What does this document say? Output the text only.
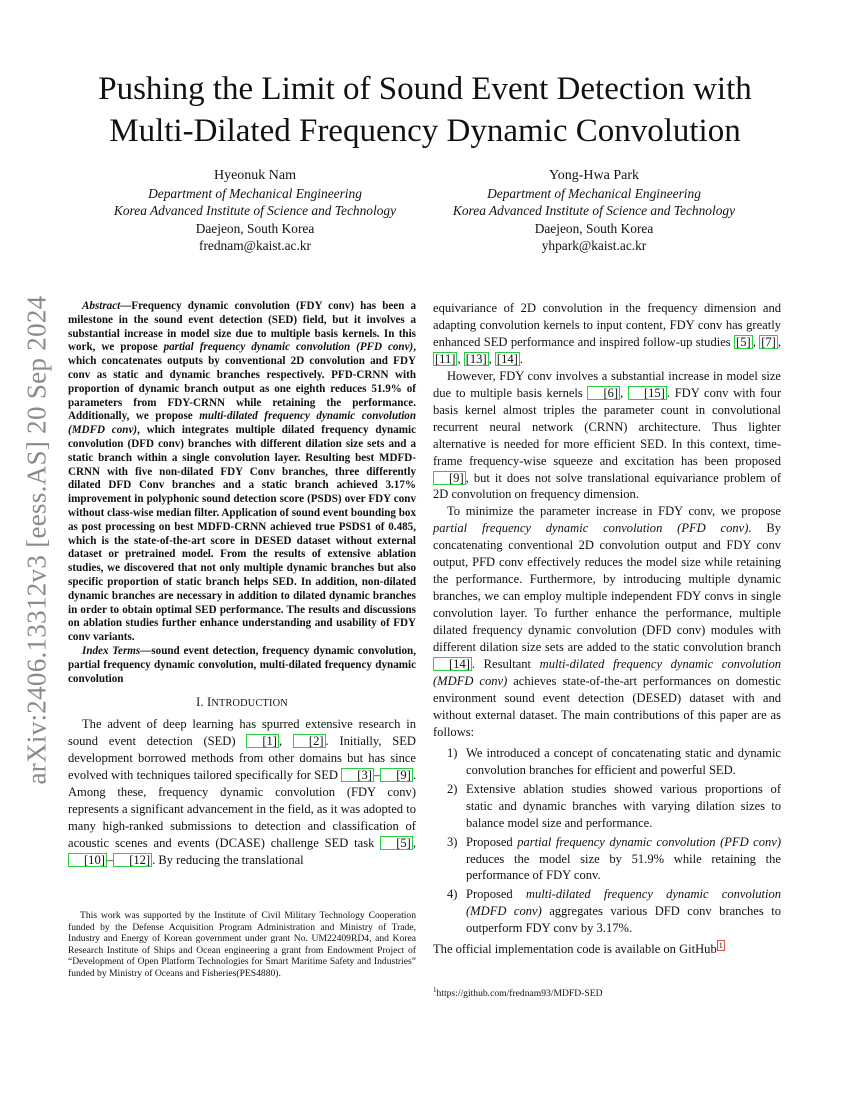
arXiv:2406.13312v3 [eess.AS] 20 Sep 2024
Pushing the Limit of Sound Event Detection with
Multi-Dilated Frequency Dynamic Convolution
Hyeonuk Nam
Department of Mechanical Engineering
Korea Advanced Institute of Science and Technology
Daejeon, South Korea
frednam@kaist.ac.kr
Yong-Hwa Park
Department of Mechanical Engineering
Korea Advanced Institute of Science and Technology
Daejeon, South Korea
yhpark@kaist.ac.kr

Abstract—Frequency dynamic convolution (FDY conv) has been a milestone in the sound event detection (SED) field, but it involves a substantial increase in model size due to multiple basis kernels. In this work, we propose partial frequency dynamic convolution (PFD conv), which concatenates outputs by conventional 2D convolution and FDY conv as static and dynamic branches respectively. PFD-CRNN with proportion of dynamic branch output as one eighth reduces 51.9% of parameters from FDY-CRNN while retaining the performance. Additionally, we propose multi-dilated frequency dynamic convolution (MDFD conv), which integrates multiple dilated frequency dynamic convolution (DFD conv) branches with different dilation size sets and a static branch within a single convolution layer. Resulting best MDFD-CRNN with five non-dilated FDY Conv branches, three differently dilated DFD Conv branches and a static branch achieved 3.17% improvement in polyphonic sound detection score (PSDS) over FDY conv without class-wise median filter. Application of sound event bounding box as post processing on best MDFD-CRNN achieved true PSDS1 of 0.485, which is the state-of-the-art score in DESED dataset without external dataset or pretrained model. From the results of extensive ablation studies, we discovered that not only multiple dynamic branches but also specific proportion of static branch helps SED. In addition, non-dilated dynamic branches are necessary in addition to dilated dynamic branches in order to obtain optimal SED performance. The results and discussions on ablation studies further enhance understanding and usability of FDY conv variants.

Index Terms—sound event detection, frequency dynamic convolution, partial frequency dynamic convolution, multi-dilated frequency dynamic convolution

I. INTRODUCTION

The advent of deep learning has spurred extensive research in sound event detection (SED) [1] , [2] . Initially, SED development borrowed methods from other domains but has since evolved with techniques tailored specifically for SED [3] – [9] . Among these, frequency dynamic convolution (FDY conv) represents a significant advancement in the field, as it was adopted to many high-ranked submissions to detection and classification of acoustic scenes and events (DCASE) challenge SED task [5] , [10] – [12] . By reducing the translational

This work was supported by the Institute of Civil Military Technology Cooperation funded by the Defense Acquisition Program Administration and Ministry of Trade, Industry and Energy of Korean government under grant No. UM22409RD4, and Korea Research Institute of Ships and Ocean engineering a grant from Endowment Project of “Development of Open Platform Technologies for Smart Maritime Safety and Industries” funded by Ministry of Oceans and Fisheries(PES4880).

equivariance of 2D convolution in the frequency dimension and adapting convolution kernels to input content, FDY conv has greatly enhanced SED performance and inspired follow-up studies [5] , [7] , [11] , [13] , [14] .

However, FDY conv involves a substantial increase in model size due to multiple basis kernels [6] , [15] . FDY conv with four basis kernel almost triples the parameter count in convolutional recurrent neural network (CRNN) architecture. Thus lighter alternative is needed for more efficient SED. In this context, time-frame frequency-wise squeeze and excitation has been proposed [9] , but it does not solve translational equivariance problem of 2D convolution on frequency dimension.

To minimize the parameter increase in FDY conv, we propose partial frequency dynamic convolution (PFD conv). By concatenating conventional 2D convolution output and FDY conv output, PFD conv effectively reduces the model size while retaining the performance. Furthermore, by introducing multiple dynamic branches, we can employ multiple independent FDY convs in single convolution layer. To further enhance the performance, multiple dilated frequency dynamic convolution (DFD conv) modules with different dilation size sets are added to the static convolution branch [14] . Resultant multi-dilated frequency dynamic convolution (MDFD conv) achieves state-of-the-art performances on domestic environment sound event detection (DESED) dataset with and without external dataset. The main contributions of this paper are as follows:

1) We introduced a concept of concatenating static and dynamic convolution branches for efficient and powerful SED.
2) Extensive ablation studies showed various proportions of static and dynamic branches with varying dilation sizes to balance model size and performance.
3) Proposed partial frequency dynamic convolution (PFD conv) reduces the model size by 51.9% while retaining the performance of FDY conv.
4) Proposed multi-dilated frequency dynamic convolution (MDFD conv) aggregates various DFD conv branches to outperform FDY conv by 3.17%.

The official implementation code is available on GitHub $^1$

$^1$https://github.com/frednam93/MDFD-SED
